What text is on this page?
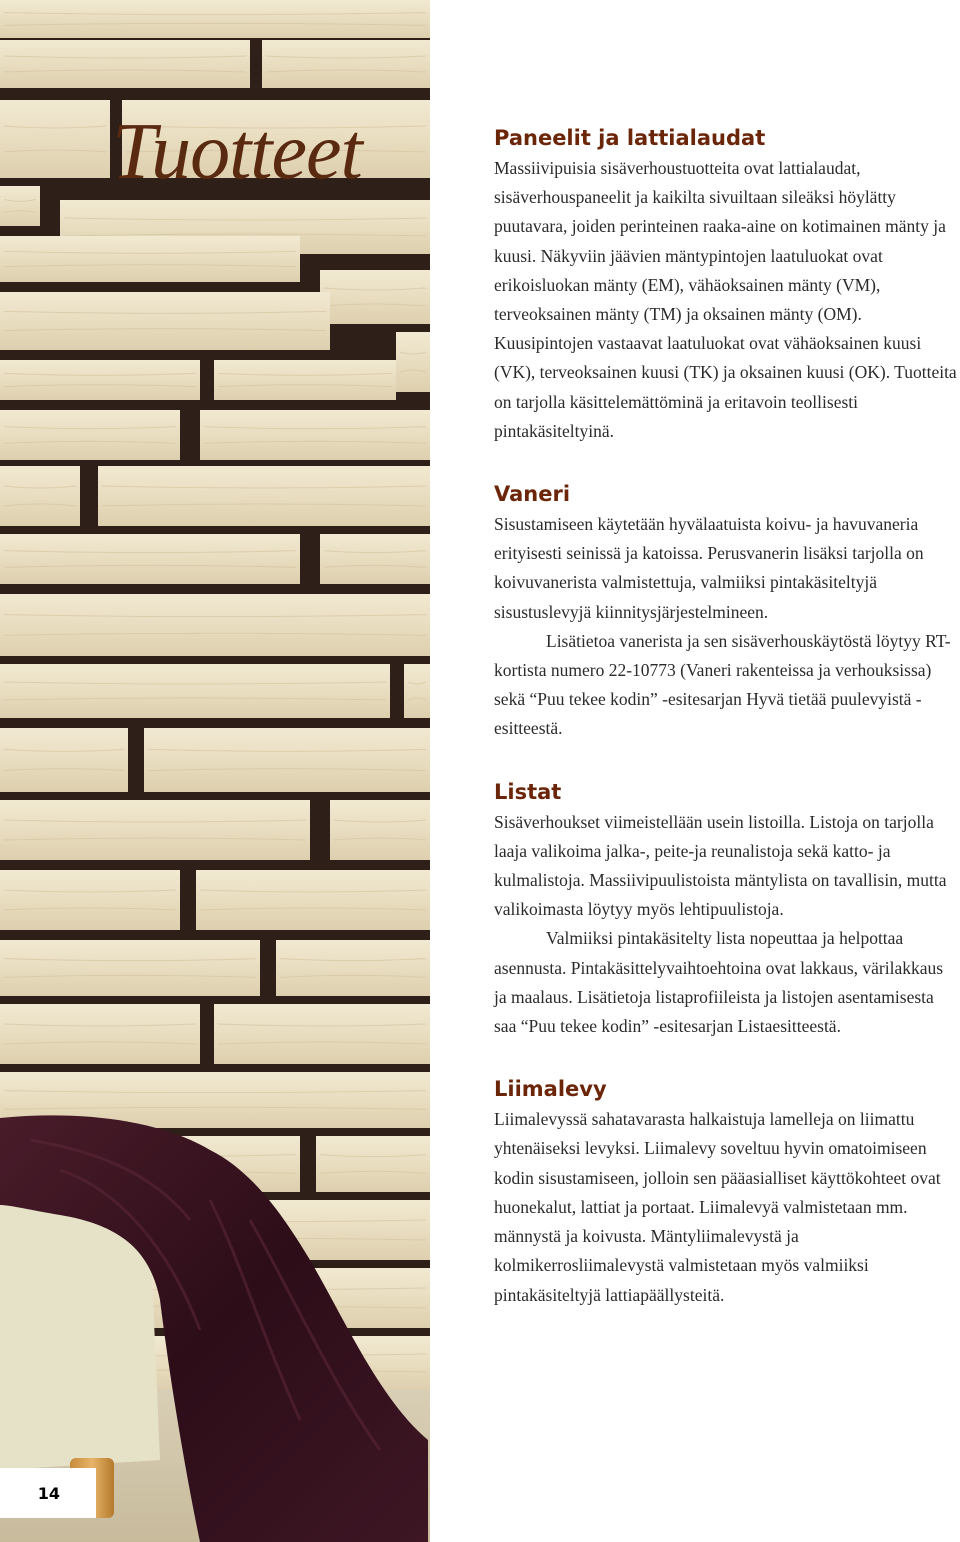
Tuotteet
14
Paneelit ja lattialaudat

Massiivipuisia sisäverhoustuotteita ovat lattialaudat, sisäverhouspaneelit ja kaikilta sivuiltaan sileäksi höylätty puutavara, joiden perinteinen raaka-aine on kotimainen mänty ja kuusi. Näkyviin jäävien mäntypintojen laatuluokat ovat erikoisluokan mänty (EM), vähäoksainen mänty (VM), terveoksainen mänty (TM) ja oksainen mänty (OM). Kuusipintojen vastaavat laatuluokat ovat vähäoksainen kuusi (VK), terveoksainen kuusi (TK) ja oksainen kuusi (OK). Tuotteita on tarjolla käsittelemättöminä ja eritavoin teollisesti pintakäsiteltyinä.

Vaneri

Sisustamiseen käytetään hyvälaatuista koivu- ja havuvaneria erityisesti seinissä ja katoissa. Perusvanerin lisäksi tarjolla on koivuvanerista valmistettuja, valmiiksi pintakäsiteltyjä sisustuslevyjä kiinnitysjärjestelmineen.

Lisätietoa vanerista ja sen sisäverhouskäytöstä löytyy RT-kortista numero 22-10773 (Vaneri rakenteissa ja verhouksissa) sekä “Puu tekee kodin” -esitesarjan Hyvä tietää puulevyistä -esitteestä.

Listat

Sisäverhoukset viimeistellään usein listoilla. Listoja on tarjolla laaja valikoima jalka-, peite-ja reunalistoja sekä katto- ja kulmalistoja. Massiivipuulistoista mäntylista on tavallisin, mutta valikoimasta löytyy myös lehtipuulistoja.

Valmiiksi pintakäsitelty lista nopeuttaa ja helpottaa asennusta. Pintakäsittelyvaihtoehtoina ovat lakkaus, värilakkaus ja maalaus. Lisätietoja listaprofiileista ja listojen asentamisesta saa “Puu tekee kodin” -esitesarjan Listaesitteestä.

Liimalevy

Liimalevyssä sahatavarasta halkaistuja lamelleja on liimattu yhtenäiseksi levyksi. Liimalevy soveltuu hyvin omatoimiseen kodin sisustamiseen, jolloin sen pääasialliset käyttökohteet ovat huonekalut, lattiat ja portaat. Liimalevyä valmistetaan mm. männystä ja koivusta. Mäntyliimalevystä ja kolmikerrosliimalevystä valmistetaan myös valmiiksi pintakäsiteltyjä lattiapäällysteitä.
